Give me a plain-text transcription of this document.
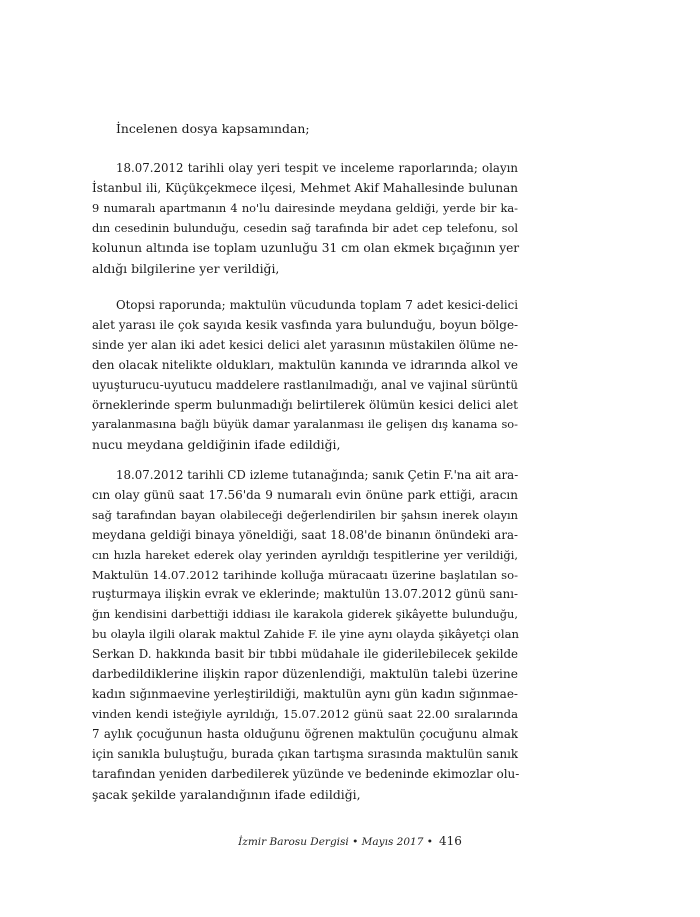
İncelenen dosya kapsamından;
18.07.2012 tarihli olay yeri tespit ve inceleme raporlarında; olayın
İstanbul ili, Küçükçekmece ilçesi, Mehmet Akif Mahallesinde bulunan
9 numaralı apartmanın 4 no'lu dairesinde meydana geldiği, yerde bir ka-
dın cesedinin bulunduğu, cesedin sağ tarafında bir adet cep telefonu, sol
kolunun altında ise toplam uzunluğu 31 cm olan ekmek bıçağının yer
aldığı bilgilerine yer verildiği,
Otopsi raporunda; maktulün vücudunda toplam 7 adet kesici-delici
alet yarası ile çok sayıda kesik vasfında yara bulunduğu, boyun bölge-
sinde yer alan iki adet kesici delici alet yarasının müstakilen ölüme ne-
den olacak nitelikte oldukları, maktulün kanında ve idrarında alkol ve
uyuşturucu-uyutucu maddelere rastlanılmadığı, anal ve vajinal sürüntü
örneklerinde sperm bulunmadığı belirtilerek ölümün kesici delici alet
yaralanmasına bağlı büyük damar yaralanması ile gelişen dış kanama so-
nucu meydana geldiğinin ifade edildiği,
18.07.2012 tarihli CD izleme tutanağında; sanık Çetin F.'na ait ara-
cın olay günü saat 17.56'da 9 numaralı evin önüne park ettiği, aracın
sağ tarafından bayan olabileceği değerlendirilen bir şahsın inerek olayın
meydana geldiği binaya yöneldiği, saat 18.08'de binanın önündeki ara-
cın hızla hareket ederek olay yerinden ayrıldığı tespitlerine yer verildiği,
Maktulün 14.07.2012 tarihinde kolluğa müracaatı üzerine başlatılan so-
ruşturmaya ilişkin evrak ve eklerinde; maktulün 13.07.2012 günü sanı-
ğın kendisini darbettiği iddiası ile karakola giderek şikâyette bulunduğu,
bu olayla ilgili olarak maktul Zahide F. ile yine aynı olayda şikâyetçi olan
Serkan D. hakkında basit bir tıbbi müdahale ile giderilebilecek şekilde
darbedildiklerine ilişkin rapor düzenlendiği, maktulün talebi üzerine
kadın sığınmaevine yerleştirildiği, maktulün aynı gün kadın sığınmae-
vinden kendi isteğiyle ayrıldığı, 15.07.2012 günü saat 22.00 sıralarında
7 aylık çocuğunun hasta olduğunu öğrenen maktulün çocuğunu almak
için sanıkla buluştuğu, burada çıkan tartışma sırasında maktulün sanık
tarafından yeniden darbedilerek yüzünde ve bedeninde ekimozlar olu-
şacak şekilde yaralandığının ifade edildiği,
İzmir Barosu Dergisi • Mayıs 2017 • 416
